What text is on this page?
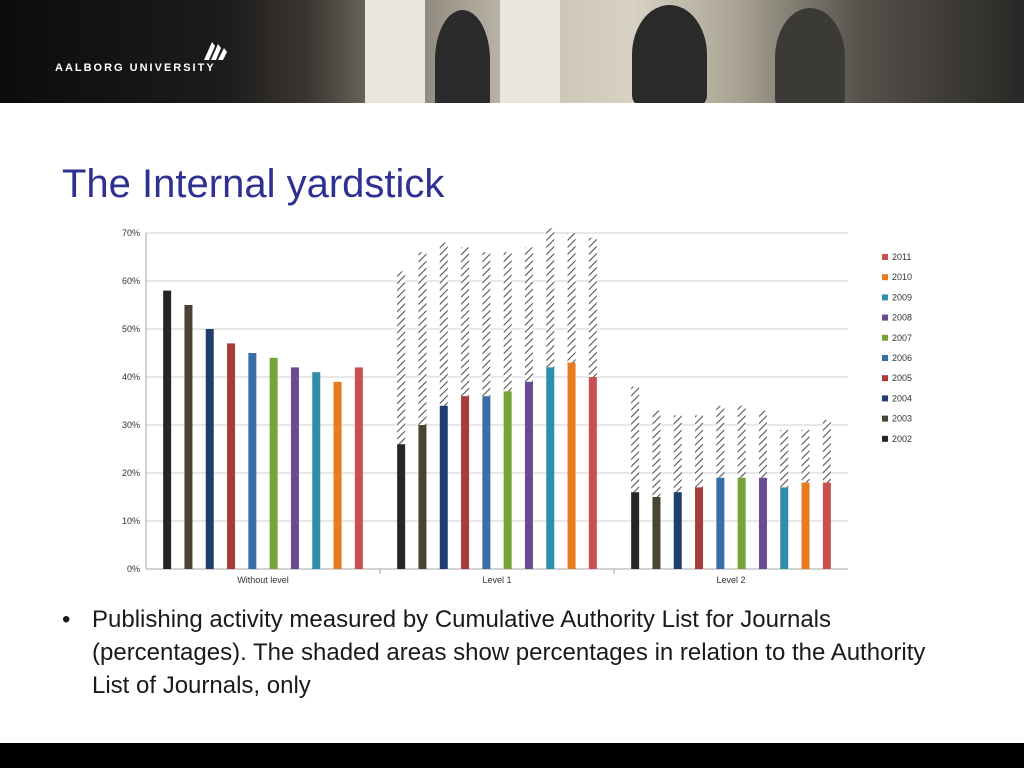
AALBORG UNIVERSITY
The Internal yardstick
0%
10%
20%
30%
40%
50%
60%
70%
Without level	Level 1	Level 2
2011
2010
2009
2008
2007
2006
2005
2004
2003
2002
• Publishing activity measured by Cumulative Authority List for Journals (percentages). The shaded areas show percentages in relation to the Authority List of Journals, only
